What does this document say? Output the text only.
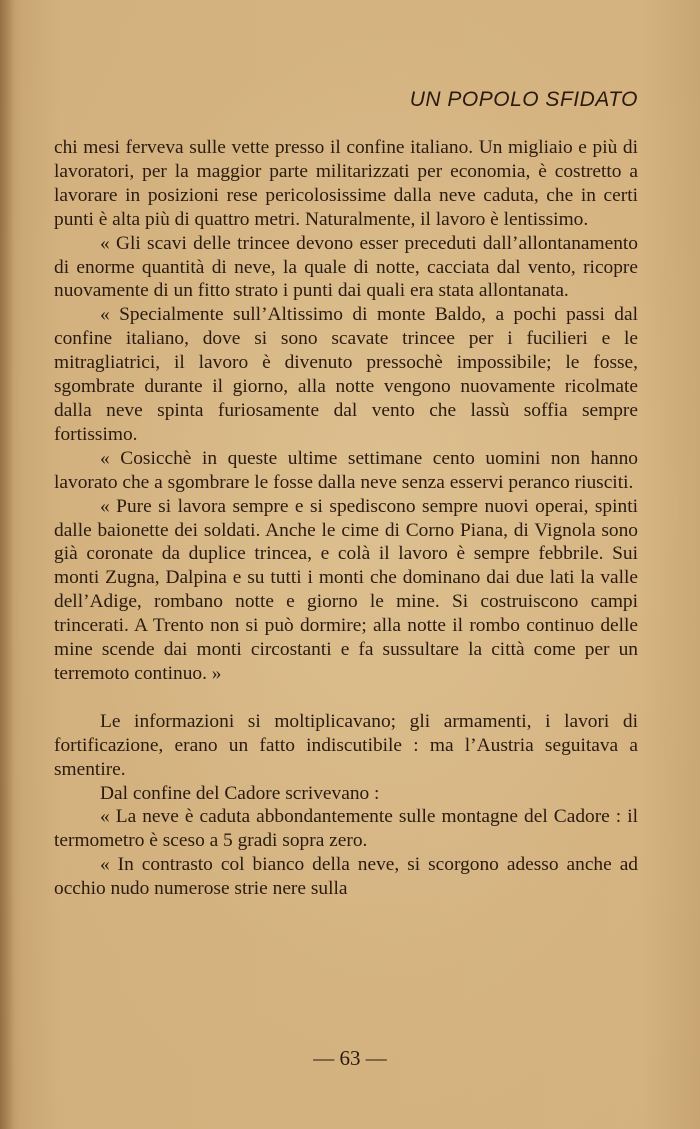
UN POPOLO SFIDATO

chi mesi ferveva sulle vette presso il confine italiano. Un migliaio e più di lavoratori, per la maggior parte militarizzati per economia, è costretto a lavorare in posizioni rese pericolosissime dalla neve caduta, che in certi punti è alta più di quattro metri. Naturalmente, il lavoro è lentissimo.

« Gli scavi delle trincee devono esser preceduti dall’allontanamento di enorme quantità di neve, la quale di notte, cacciata dal vento, ricopre nuovamente di un fitto strato i punti dai quali era stata allontanata.

« Specialmente sull’Altissimo di monte Baldo, a pochi passi dal confine italiano, dove si sono scavate trincee per i fucilieri e le mitragliatrici, il lavoro è divenuto pressochè impossibile; le fosse, sgombrate durante il giorno, alla notte vengono nuovamente ricolmate dalla neve spinta furiosamente dal vento che lassù soffia sempre fortissimo.

« Cosicchè in queste ultime settimane cento uomini non hanno lavorato che a sgombrare le fosse dalla neve senza esservi peranco riusciti.

« Pure si lavora sempre e si spediscono sempre nuovi operai, spinti dalle baionette dei soldati. Anche le cime di Corno Piana, di Vignola sono già coronate da duplice trincea, e colà il lavoro è sempre febbrile. Sui monti Zugna, Dalpina e su tutti i monti che dominano dai due lati la valle dell’Adige, rombano notte e giorno le mine. Si costruiscono campi trincerati. A Trento non si può dormire; alla notte il rombo continuo delle mine scende dai monti circostanti e fa sussultare la città come per un terremoto continuo. »

Le informazioni si moltiplicavano; gli armamenti, i lavori di fortificazione, erano un fatto indiscutibile : ma l’Austria seguitava a smentire.

Dal confine del Cadore scrivevano :

« La neve è caduta abbondantemente sulle montagne del Cadore : il termometro è sceso a 5 gradi sopra zero.

« In contrasto col bianco della neve, si scorgono adesso anche ad occhio nudo numerose strie nere sulla

— 63 —
